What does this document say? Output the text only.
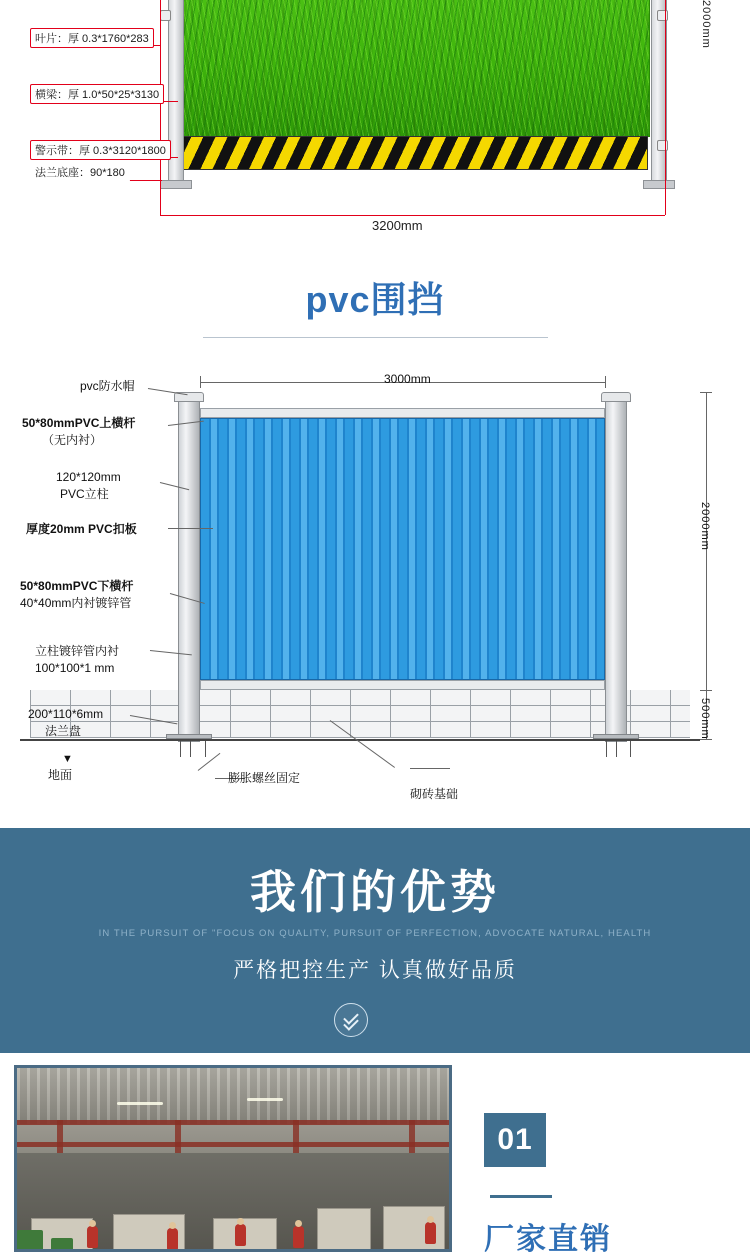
叶片：厚 0.3*1760*283
横梁：厚 1.0*50*25*3130
警示带：厚 0.3*3120*1800
法兰底座：90*180
3200mm
2000mm
pvc围挡
3000mm
2000mm
500mm
pvc防水帽
50*80mmPVC上横杆
（无内衬）
120*120mm
PVC立柱
厚度20mm PVC扣板
50*80mmPVC下横杆
40*40mm内衬镀锌管
立柱镀锌管内衬
100*100*1 mm
200*110*6mm
法兰盘
地面	膨胀螺丝固定
砌砖基础
▼
我们的优势
IN THE PURSUIT OF "FOCUS ON QUALITY, PURSUIT OF PERFECTION, ADVOCATE NATURAL, HEALTH
严格把控生产 认真做好品质
01
厂家直销
